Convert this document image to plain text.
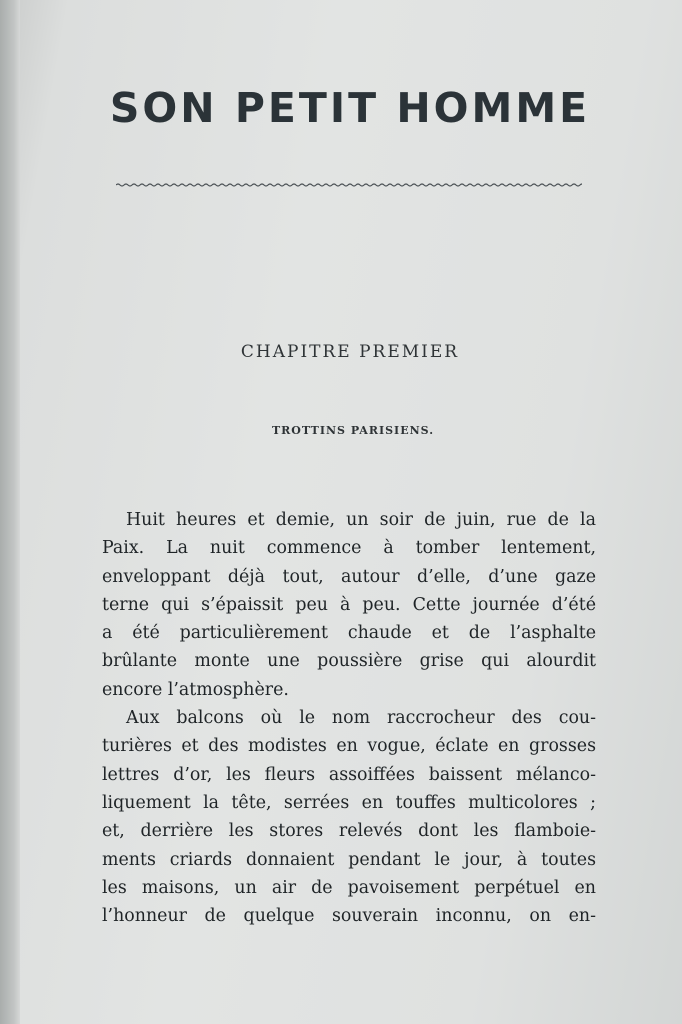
SON PETIT HOMME
CHAPITRE PREMIER
TROTTINS PARISIENS.
Huit heures et demie, un soir de juin, rue de la
Paix. La nuit commence à tomber lentement,
enveloppant déjà tout, autour d’elle, d’une gaze
terne qui s’épaissit peu à peu. Cette journée d’été
a été particulièrement chaude et de l’asphalte
brûlante monte une poussière grise qui alourdit
encore l’atmosphère.
Aux balcons où le nom raccrocheur des cou-
turières et des modistes en vogue, éclate en grosses
lettres d’or, les fleurs assoiffées baissent mélanco-
liquement la tête, serrées en touffes multicolores ;
et, derrière les stores relevés dont les flamboie-
ments criards donnaient pendant le jour, à toutes
les maisons, un air de pavoisement perpétuel en
l’honneur de quelque souverain inconnu, on en-
